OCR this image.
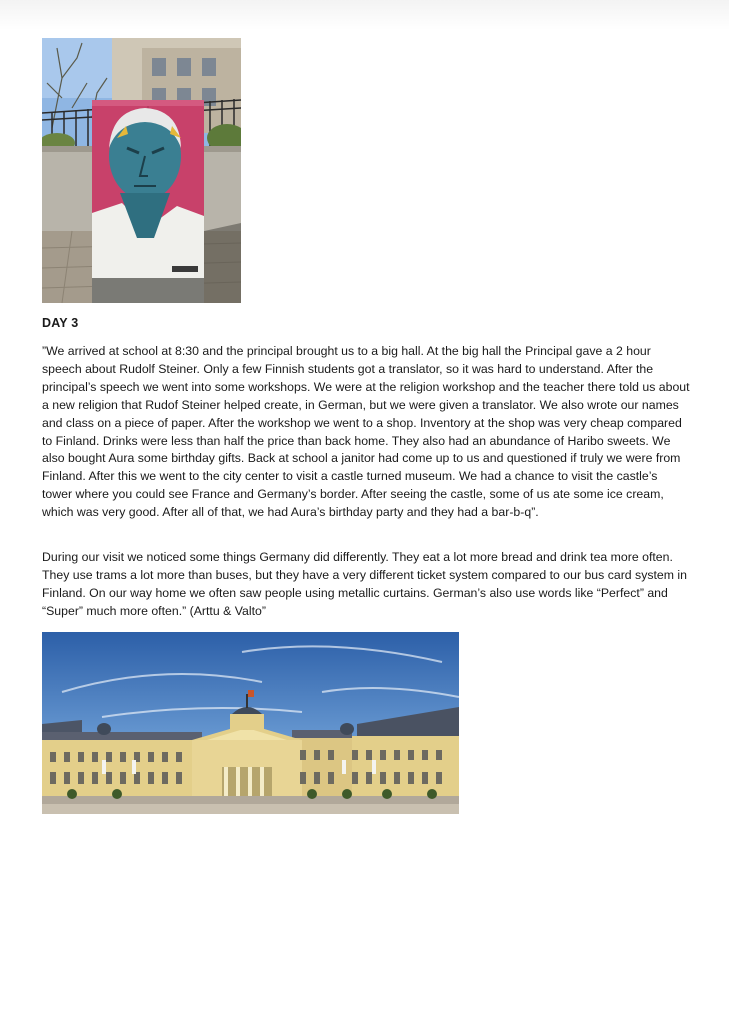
DAY 3

”We arrived at school at 8:30 and the principal brought us to a big hall. At the big hall the Principal gave a 2 hour speech about Rudolf Steiner. Only a few Finnish students got a translator, so it was hard to understand. After the principal’s speech we went into some workshops. We were at the religion workshop and the teacher there told us about a new religion that Rudof Steiner helped create, in German, but we were given a translator. We also wrote our names and class on a piece of paper. After the workshop we went to a shop. Inventory at the shop was very cheap compared to Finland. Drinks were less than half the price than back home. They also had an abundance of Haribo sweets. We also bought Aura some birthday gifts. Back at school a janitor had come up to us and questioned if truly we were from Finland. After this we went to the city center to visit a castle turned museum. We had a chance to visit the castle’s tower where you could see France and Germany’s border. After seeing the castle, some of us ate some ice cream, which was very good. After all of that, we had Aura’s birthday party and they had a bar-b-q”.

During our visit we noticed some things Germany did differently. They eat a lot more bread and drink tea more often. They use trams a lot more than buses, but they have a very different ticket system compared to our bus card system in Finland. On our way home we often saw people using metallic curtains. German’s also use words like “Perfect” and “Super” much more often.” (Arttu & Valto”
